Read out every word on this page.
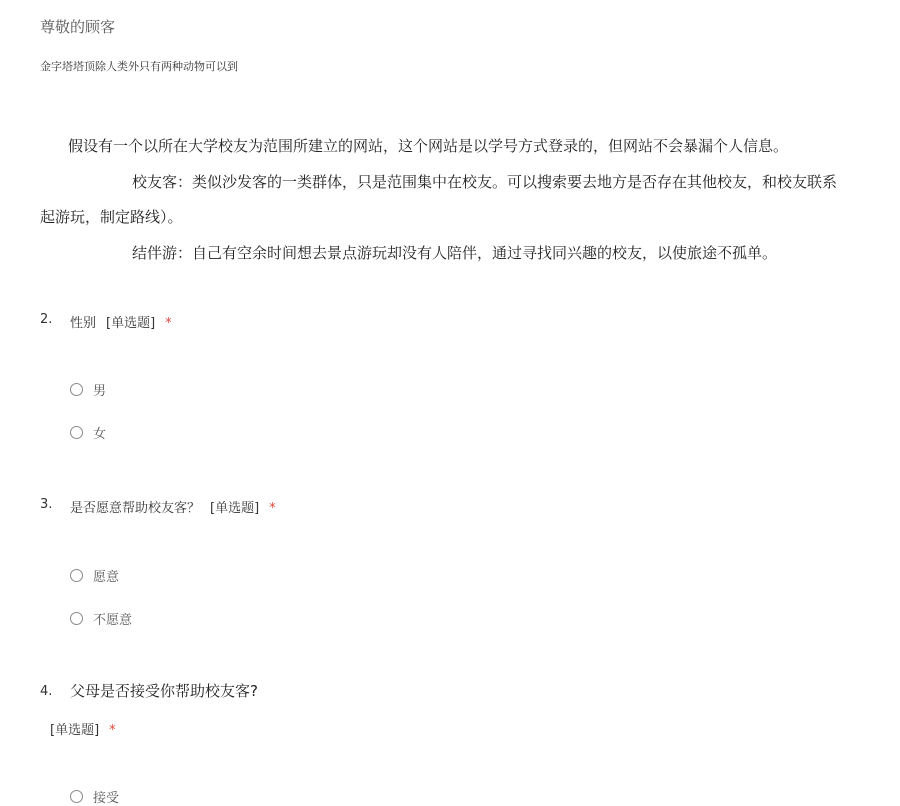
尊敬的顾客
金字塔塔顶除人类外只有两种动物可以到
假设有一个以所在大学校友为范围所建立的网站，这个网站是以学号方式登录的，但网站不会暴漏个人信息。
校友客：类似沙发客的一类群体，只是范围集中在校友。可以搜索要去地方是否存在其他校友，和校友联系
起游玩，制定路线）。
结伴游：自己有空余时间想去景点游玩却没有人陪伴，通过寻找同兴趣的校友，以使旅途不孤单。
2. 性别 [单选题] *
男
女
3. 是否愿意帮助校友客？ [单选题] *
愿意
不愿意
4. 父母是否接受你帮助校友客?
[单选题] *
接受
